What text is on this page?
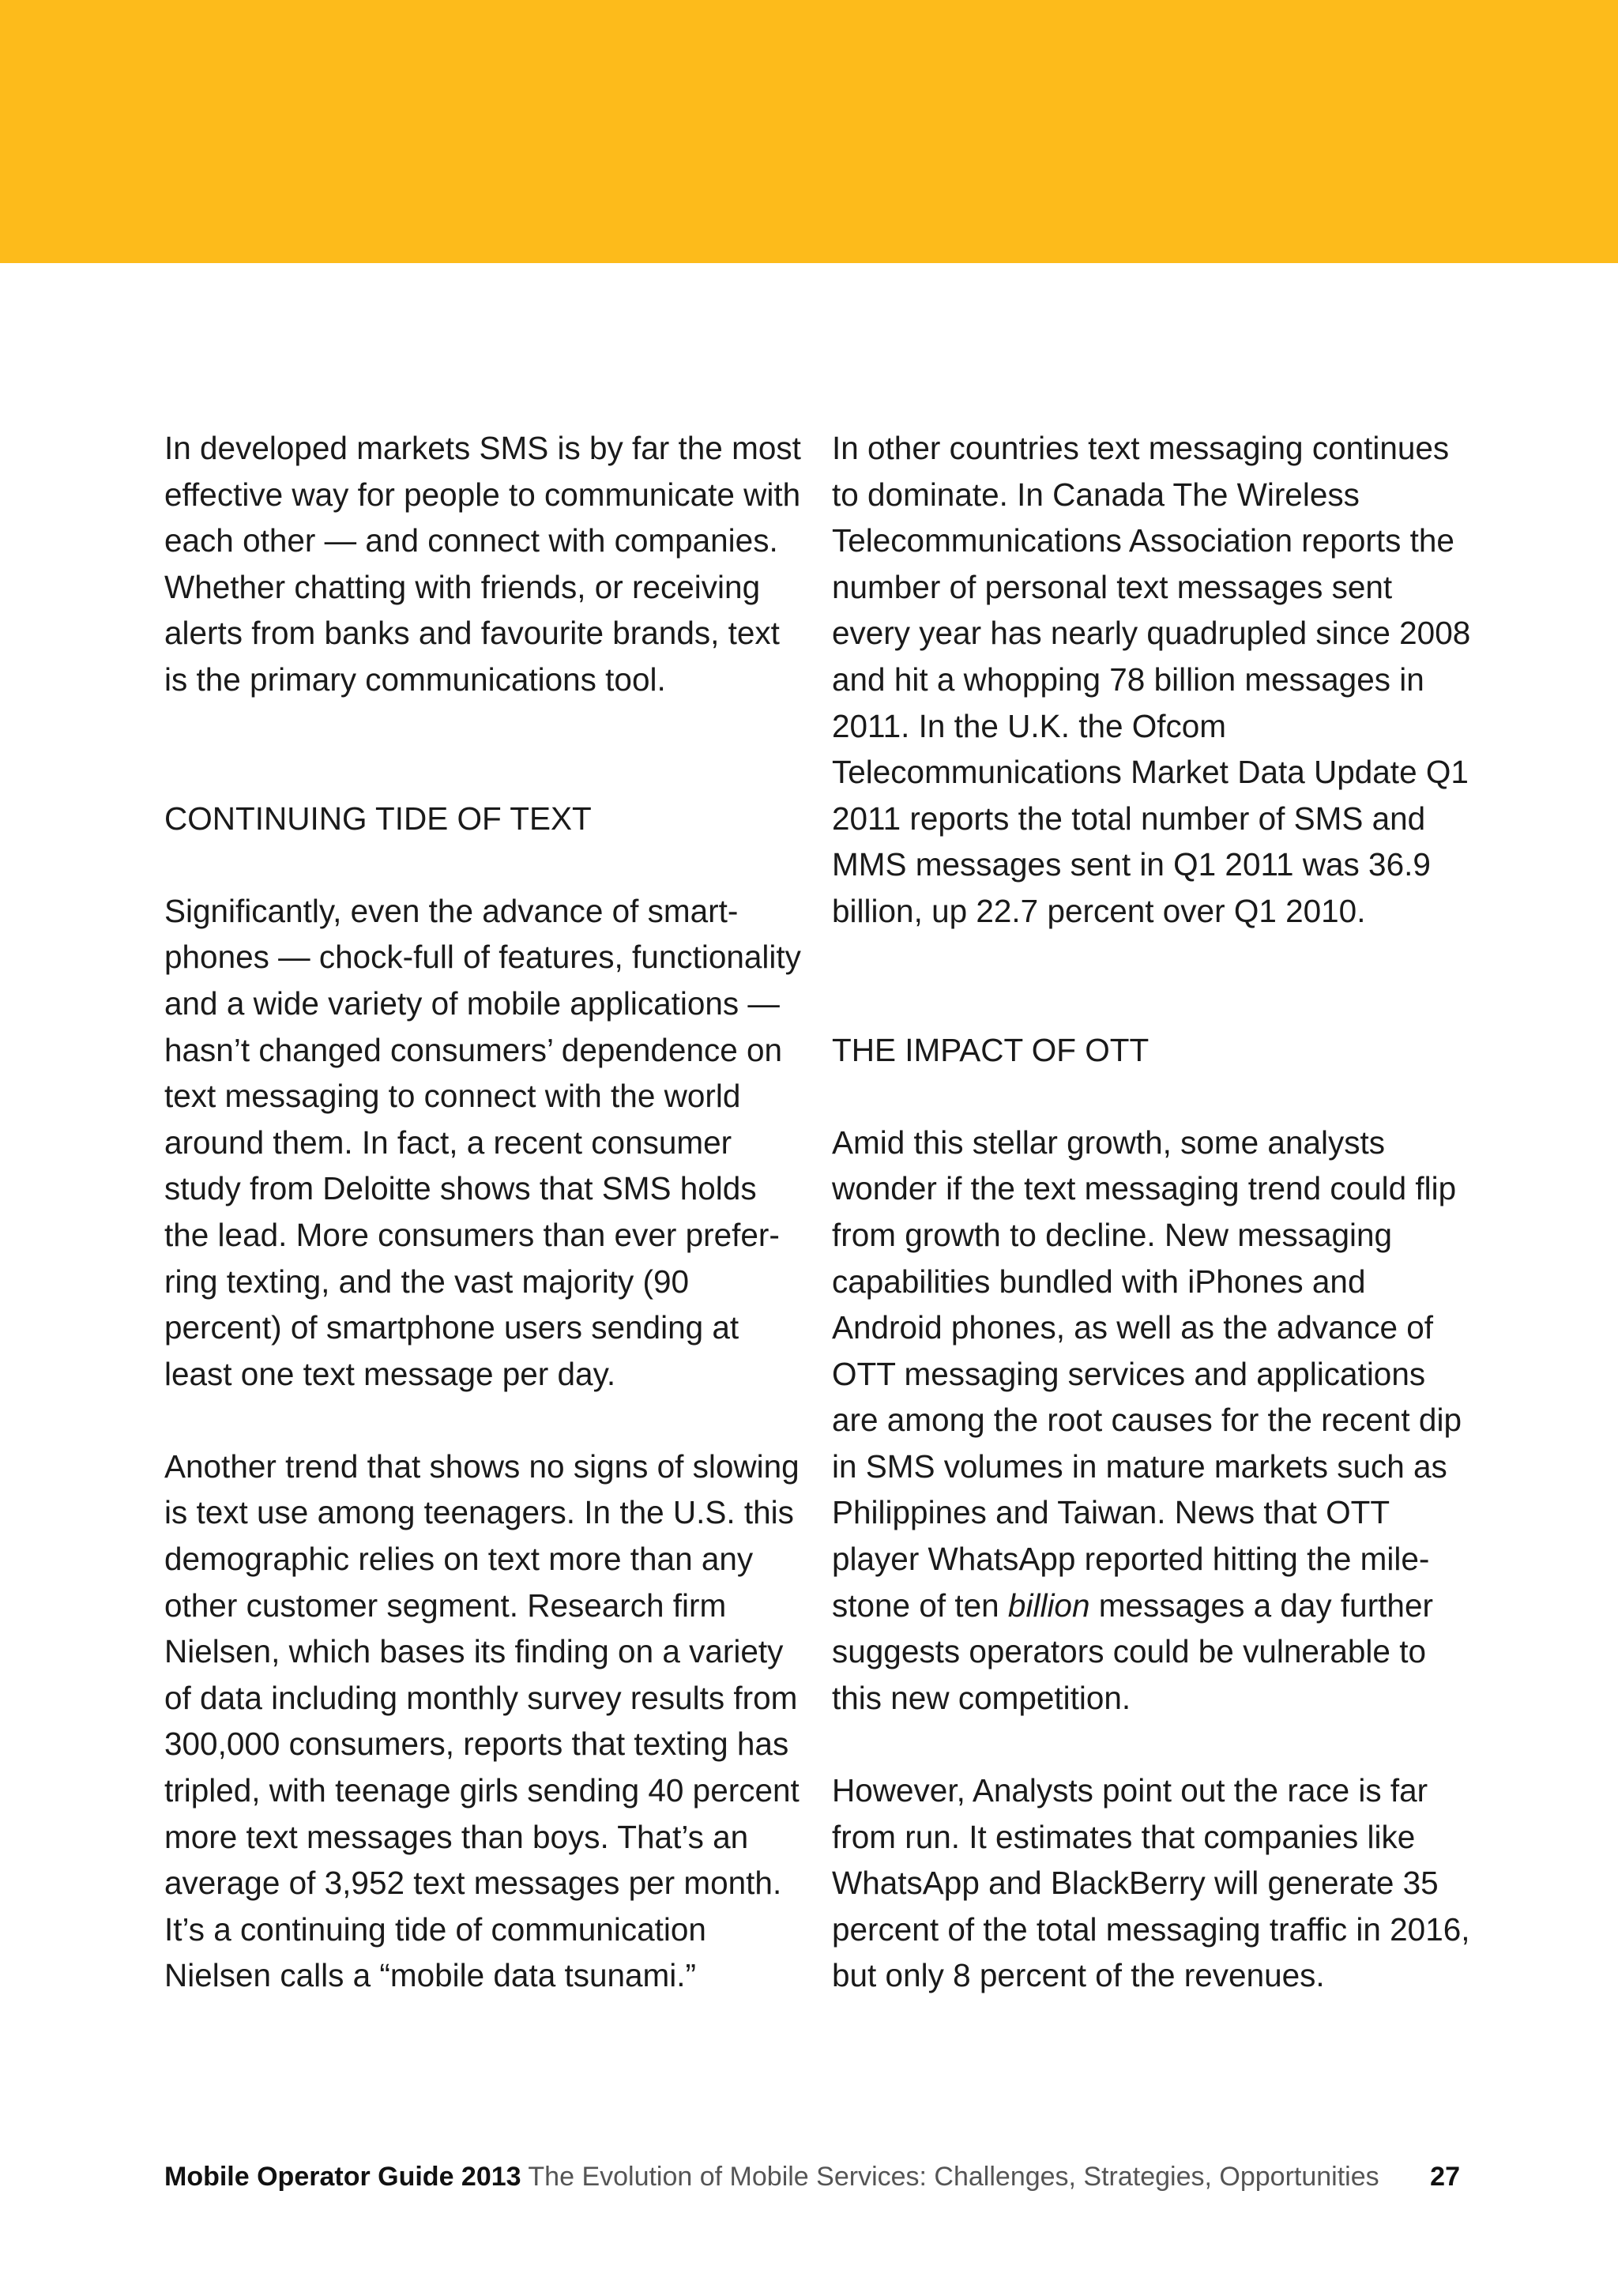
In developed markets SMS is by far the most effective way for people to communicate with each other — and connect with companies. Whether chatting with friends, or receiving alerts from banks and favourite brands, text is the primary communications tool.

CONTINUING TIDE OF TEXT

Significantly, even the advance of smartphones — chock-full of features, functionality and a wide variety of mobile applications — hasn’t changed consumers’ dependence on text messaging to connect with the world around them. In fact, a recent consumer study from Deloitte shows that SMS holds the lead. More consumers than ever preferring texting, and the vast majority (90 percent) of smartphone users sending at least one text message per day.

Another trend that shows no signs of slowing is text use among teenagers. In the U.S. this demographic relies on text more than any other customer segment. Research firm Nielsen, which bases its finding on a variety of data including monthly survey results from 300,000 consumers, reports that texting has tripled, with teenage girls sending 40 percent more text messages than boys. That’s an average of 3,952 text messages per month. It’s a continuing tide of communication Nielsen calls a “mobile data tsunami.”

In other countries text messaging continues to dominate. In Canada The Wireless Telecommunications Association reports the number of personal text messages sent every year has nearly quadrupled since 2008 and hit a whopping 78 billion messages in 2011. In the U.K. the Ofcom Telecommunications Market Data Update Q1 2011 reports the total number of SMS and MMS messages sent in Q1 2011 was 36.9 billion, up 22.7 percent over Q1 2010.

THE IMPACT OF OTT

Amid this stellar growth, some analysts wonder if the text messaging trend could flip from growth to decline. New messaging capabilities bundled with iPhones and Android phones, as well as the advance of OTT messaging services and applications are among the root causes for the recent dip in SMS volumes in mature markets such as Philippines and Taiwan. News that OTT player WhatsApp reported hitting the milestone of ten billion messages a day further suggests operators could be vulnerable to this new competition.

However, Analysts point out the race is far from run. It estimates that companies like WhatsApp and BlackBerry will generate 35 percent of the total messaging traffic in 2016, but only 8 percent of the revenues.

Mobile Operator Guide 2013 The Evolution of Mobile Services: Challenges, Strategies, Opportunities 27
